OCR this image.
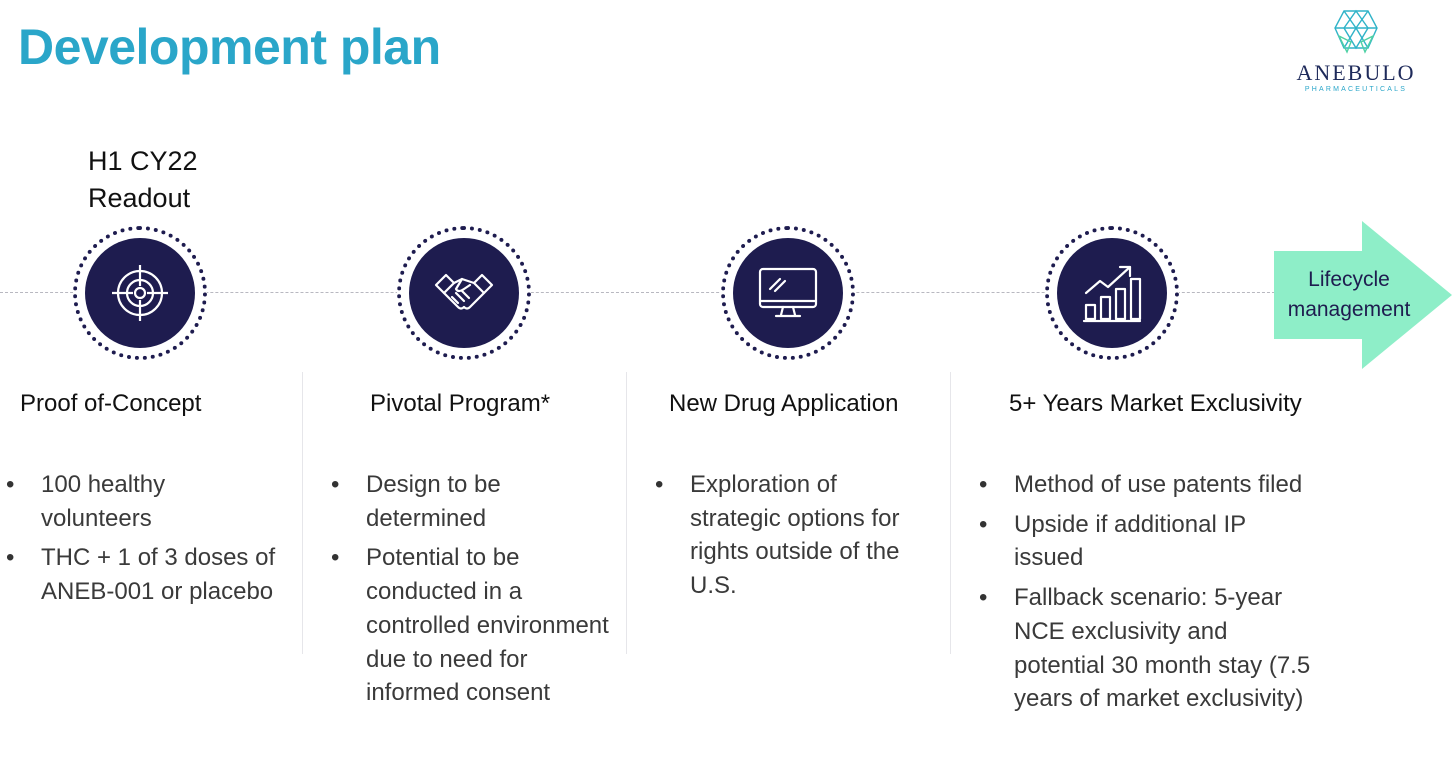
Development plan	ANEBULO
PHARMACEUTICALS
H1 CY22
Readout
Lifecycle
management
Proof of-Concept
• 100 healthy volunteers
• THC + 1 of 3 doses of ANEB-001 or placebo
Pivotal Program*
• Design to be determined
• Potential to be conducted in a controlled environment due to need for informed consent
New Drug Application
• Exploration of strategic options for rights outside of the U.S.
5+ Years Market Exclusivity
• Method of use patents filed
• Upside if additional IP issued
• Fallback scenario: 5-year NCE exclusivity and potential 30 month stay (7.5 years of market exclusivity)
